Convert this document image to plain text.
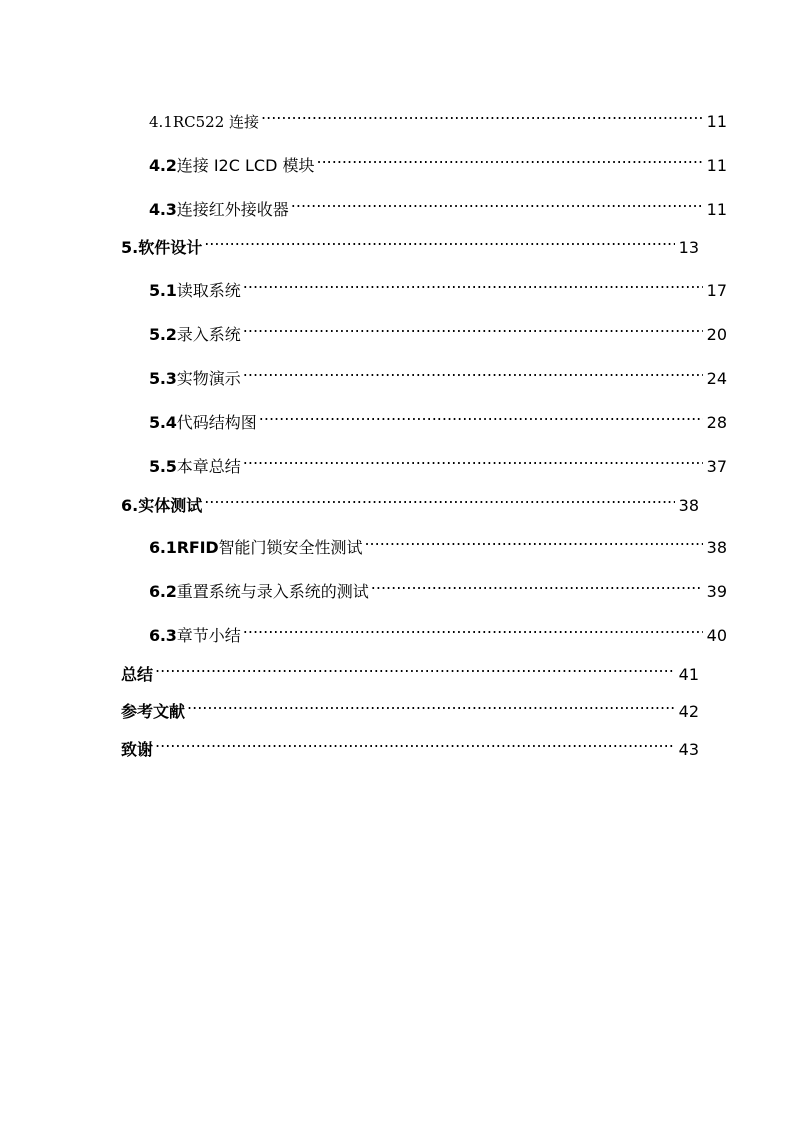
4.1RC522 连接 .....	11
4.2 连接 I2C LCD 模块 .....	11
4.3 连接红外接收器 .....	11
5.软件设计 .....	13
5.1 读取系统 .....	17
5.2 录入系统 .....	20
5.3 实物演示 .....	24
5.4 代码结构图 .....	28
5.5 本章总结 .....	37
6.实体测试 .....	38
6.1RFID 智能门锁安全性测试 .....	38
6.2 重置系统与录入系统的测试 .....	39
6.3 章节小结 .....	40
总结 .....	41
参考文献 .....	42
致谢 .....	43
